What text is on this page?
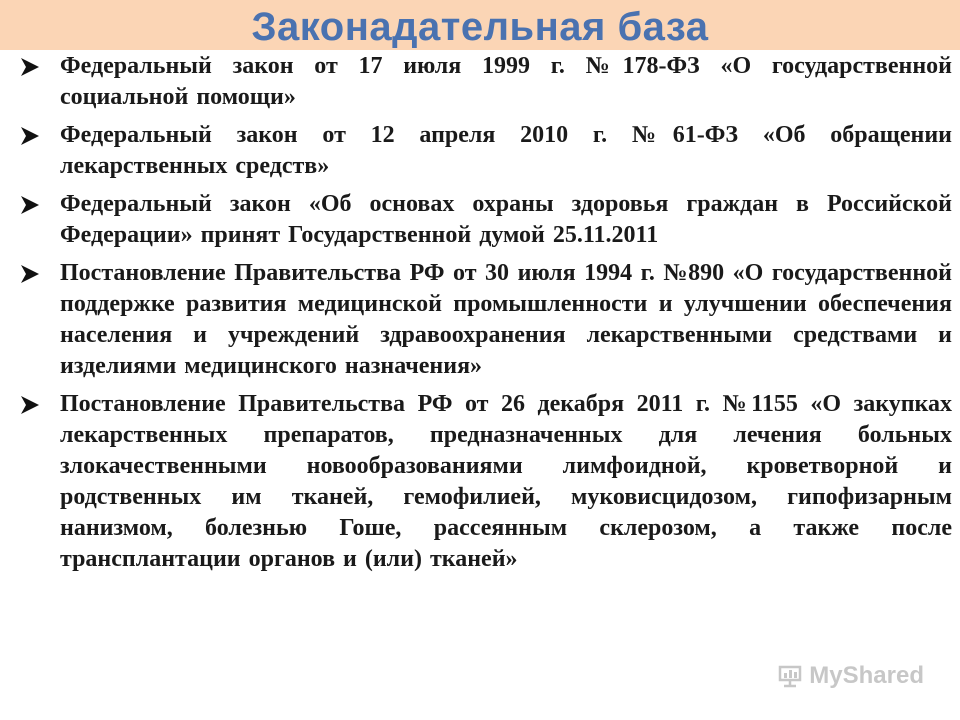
Законадательная база
Федеральный закон от 17 июля 1999 г. №178-ФЗ «О государственной социальной помощи»
Федеральный закон от 12 апреля 2010 г. №61-ФЗ «Об обращении лекарственных средств»
Федеральный закон «Об основах охраны здоровья граждан в Российской Федерации» принят Государственной думой 25.11.2011
Постановление Правительства РФ от 30 июля 1994 г. №890 «О государственной поддержке развития медицинской промышленности и улучшении обеспечения населения и учреждений здравоохранения лекарственными средствами и изделиями медицинского назначения»
Постановление Правительства РФ от 26 декабря 2011 г. №1155 «О закупках лекарственных препаратов, предназначенных для лечения больных злокачественными новообразованиями лимфоидной, кроветворной и родственных им тканей, гемофилией, муковисцидозом, гипофизарным нанизмом, болезнью Гоше, рассеянным склерозом, а также после трансплантации органов и (или) тканей»
MyShared
